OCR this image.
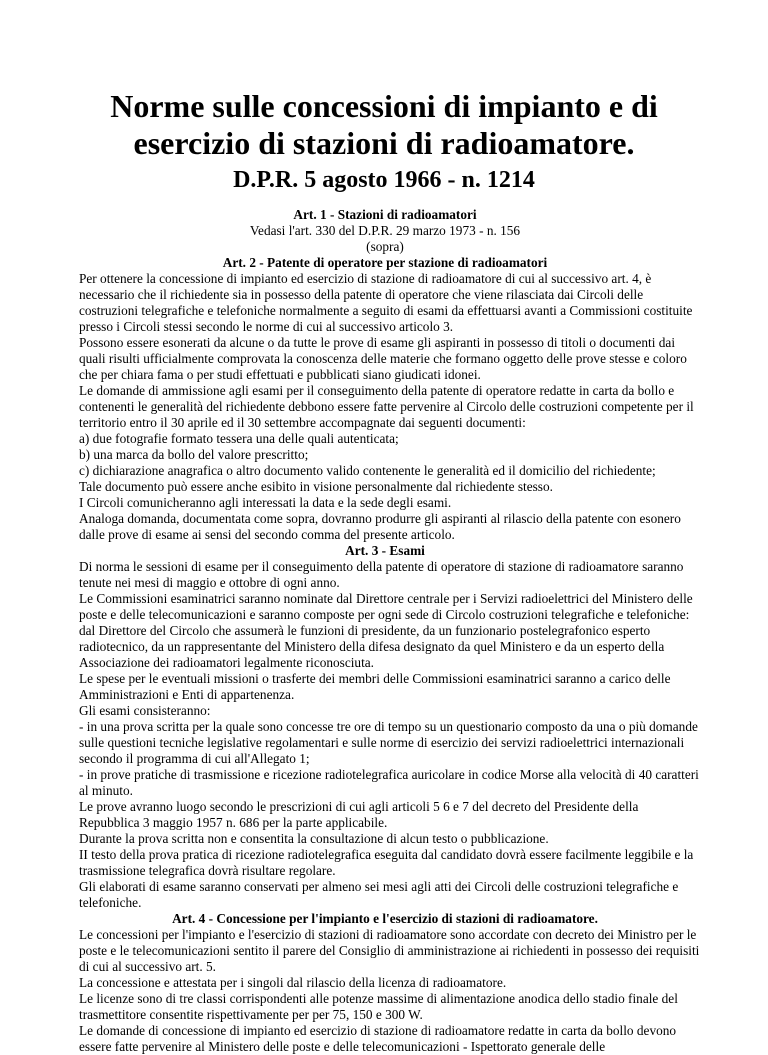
Norme sulle concessioni di impianto e di
esercizio di stazioni di radioamatore.
D.P.R. 5 agosto 1966 - n. 1214
Art. 1 - Stazioni di radioamatori
Vedasi l'art. 330 del D.P.R. 29 marzo 1973 - n. 156
(sopra)
Art. 2 - Patente di operatore per stazione di radioamatori
Per ottenere la concessione di impianto ed esercizio di stazione di radioamatore di cui al successivo art. 4, è
necessario che il richiedente sia in possesso della patente di operatore che viene rilasciata dai Circoli delle
costruzioni telegrafiche e telefoniche normalmente a seguito di esami da effettuarsi avanti a Commissioni costituite
presso i Circoli stessi secondo le norme di cui al successivo articolo 3.
Possono essere esonerati da alcune o da tutte le prove di esame gli aspiranti in possesso di titoli o documenti dai
quali risulti ufficialmente comprovata la conoscenza delle materie che formano oggetto delle prove stesse e coloro
che per chiara fama o per studi effettuati e pubblicati siano giudicati idonei.
Le domande di ammissione agli esami per il conseguimento della patente di operatore redatte in carta da bollo e
contenenti le generalità del richiedente debbono essere fatte pervenire al Circolo delle costruzioni competente per il
territorio entro il 30 aprile ed il 30 settembre accompagnate dai seguenti documenti:
a) due fotografie formato tessera una delle quali autenticata;
b) una marca da bollo del valore prescritto;
c) dichiarazione anagrafica o altro documento valido contenente le generalità ed il domicilio del richiedente;
Tale documento può essere anche esibito in visione personalmente dal richiedente stesso.
I Circoli comunicheranno agli interessati la data e la sede degli esami.
Analoga domanda, documentata come sopra, dovranno produrre gli aspiranti al rilascio della patente con esonero
dalle prove di esame ai sensi del secondo comma del presente articolo.
Art. 3 - Esami
Di norma le sessioni di esame per il conseguimento della patente di operatore di stazione di radioamatore saranno
tenute nei mesi di maggio e ottobre di ogni anno.
Le Commissioni esaminatrici saranno nominate dal Direttore centrale per i Servizi radioelettrici del Ministero delle
poste e delle telecomunicazioni e saranno composte per ogni sede di Circolo costruzioni telegrafiche e telefoniche:
dal Direttore del Circolo che assumerà le funzioni di presidente, da un funzionario postelegrafonico esperto
radiotecnico, da un rappresentante del Ministero della difesa designato da quel Ministero e da un esperto della
Associazione dei radioamatori legalmente riconosciuta.
Le spese per le eventuali missioni o trasferte dei membri delle Commissioni esaminatrici saranno a carico delle
Amministrazioni e Enti di appartenenza.
Gli esami consisteranno:
- in una prova scritta per la quale sono concesse tre ore di tempo su un questionario composto da una o più domande
sulle questioni tecniche legislative regolamentari e sulle norme di esercizio dei servizi radioelettrici internazionali
secondo il programma di cui all'Allegato 1;
- in prove pratiche di trasmissione e ricezione radiotelegrafica auricolare in codice Morse alla velocità di 40 caratteri
al minuto.
Le prove avranno luogo secondo le prescrizioni di cui agli articoli 5 6 e 7 del decreto del Presidente della
Repubblica 3 maggio 1957 n. 686 per la parte applicabile.
Durante la prova scritta non e consentita la consultazione di alcun testo o pubblicazione.
II testo della prova pratica di ricezione radiotelegrafica eseguita dal candidato dovrà essere facilmente leggibile e la
trasmissione telegrafica dovrà risultare regolare.
Gli elaborati di esame saranno conservati per almeno sei mesi agli atti dei Circoli delle costruzioni telegrafiche e
telefoniche.
Art. 4 - Concessione per l'impianto e l'esercizio di stazioni di radioamatore.
Le concessioni per l'impianto e l'esercizio di stazioni di radioamatore sono accordate con decreto dei Ministro per le
poste e le telecomunicazioni sentito il parere del Consiglio di amministrazione ai richiedenti in possesso dei requisiti
di cui al successivo art. 5.
La concessione e attestata per i singoli dal rilascio della licenza di radioamatore.
Le licenze sono di tre classi corrispondenti alle potenze massime di alimentazione anodica dello stadio finale del
trasmettitore consentite rispettivamente per per 75, 150 e 300 W.
Le domande di concessione di impianto ed esercizio di stazione di radioamatore redatte in carta da bollo devono
essere fatte pervenire al Ministero delle poste e delle telecomunicazioni - Ispettorato generale delle
